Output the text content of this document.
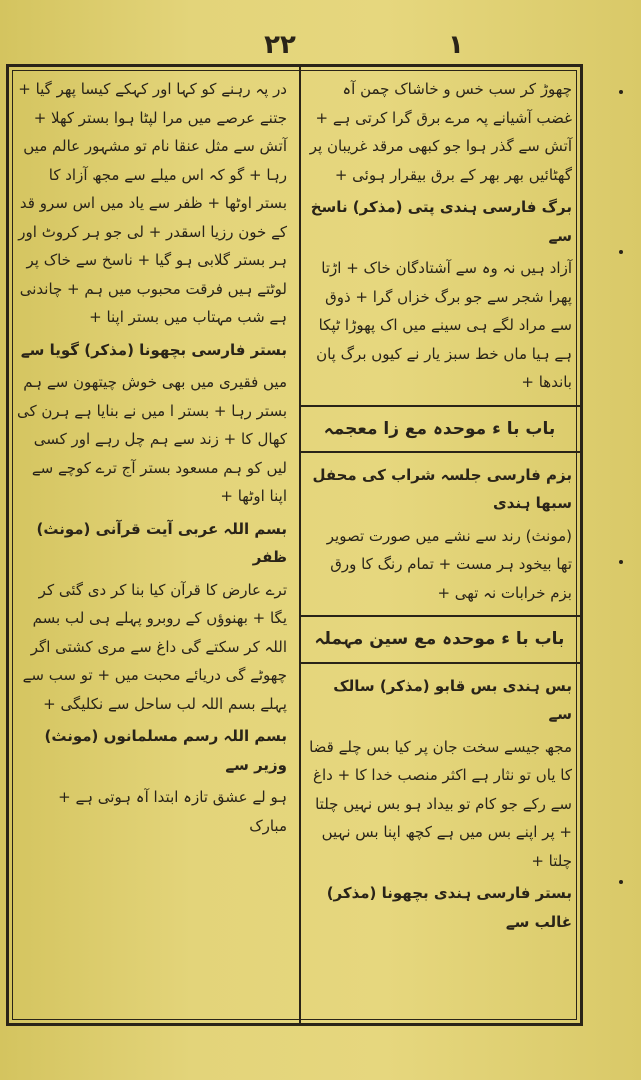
۲۲	۱

چھوڑ کر سب خس و خاشاک چمن آہ غضب آشیانے پہ مرے برق گرا کرتی ہے + آتش سے گذر ہوا جو کبھی مرقد غریبان پر گھٹائیں بھر بھر کے برق بیقرار ہوئی +

برگ فارسی ہندی پتی (مذکر) ناسخ سے

آزاد ہیں نہ وہ سے آشتادگان خاک + اڑتا پھرا شجر سے جو برگ خزاں گرا + ذوق سے مراد لگے ہی سینے میں اک پھوڑا ٹپکا ہے ہیا ماں خط سبز یار نے کیوں برگ پان باندھا +

باب با ء موحدہ مع زا معجمہ

بزم فارسی جلسہ شراب کی محفل سبھا ہندی

(مونث) رند سے نشے میں صورت تصویر تھا بیخود ہر مست + تمام رنگ کا ورق بزم خرابات نہ تھی +

باب با ء موحدہ مع سین مہملہ

بس ہندی بس قابو (مذکر) سالک سے

مجھ جیسے سخت جان پر کیا بس چلے قضا کا یاں تو نثار ہے اکثر منصب خدا کا + داغ سے رکے جو کام تو بیداد ہو بس نہیں چلتا + پر اپنے بس میں ہے کچھ اپنا بس نہیں چلتا +

بستر فارسی ہندی بچھونا (مذکر) غالب سے

در پہ رہنے کو کہا اور کہکے کیسا پھر گیا + جتنے عرصے میں مرا لپٹا ہوا بستر کھلا + آتش سے مثل عنقا نام تو مشہور عالم میں رہا + گو کہ اس میلے سے مجھ آزاد کا بستر اوٹھا + ظفر سے یاد میں اس سرو قد کے خون رزیا اسقدر + لی جو ہر کروٹ اور ہر بستر گلابی ہو گیا + ناسخ سے خاک پر لوٹتے ہیں فرقت محبوب میں ہم + چاندنی ہے شب مہتاب میں بستر اپنا +

بستر فارسی بچھونا (مذکر) گویا سے

میں فقیری میں بھی خوش چیتھون سے ہم بستر رہا + بستر ا میں نے بنایا ہے ہرن کی کھال کا + زند سے ہم چل رہے اور کسی لیں کو ہم مسعود بستر آج ترے کوچے سے اپنا اوٹھا +

بسم اللہ عربی آیت قرآنی (مونث) ظفر

ترے عارض کا قرآن کیا بنا کر دی گئی کر یگا + بھنوؤں کے روبرو پہلے ہی لب بسم اللہ کر سکتے گی داغ سے مری کشتی اگر چھوٹے گی دریائے محبت میں + تو سب سے پہلے بسم اللہ لب ساحل سے نکلیگی +

بسم اللہ رسم مسلمانوں (مونث) وزیر سے

ہو لے عشق تازہ ابتدا آہ ہوتی ہے + مبارک
